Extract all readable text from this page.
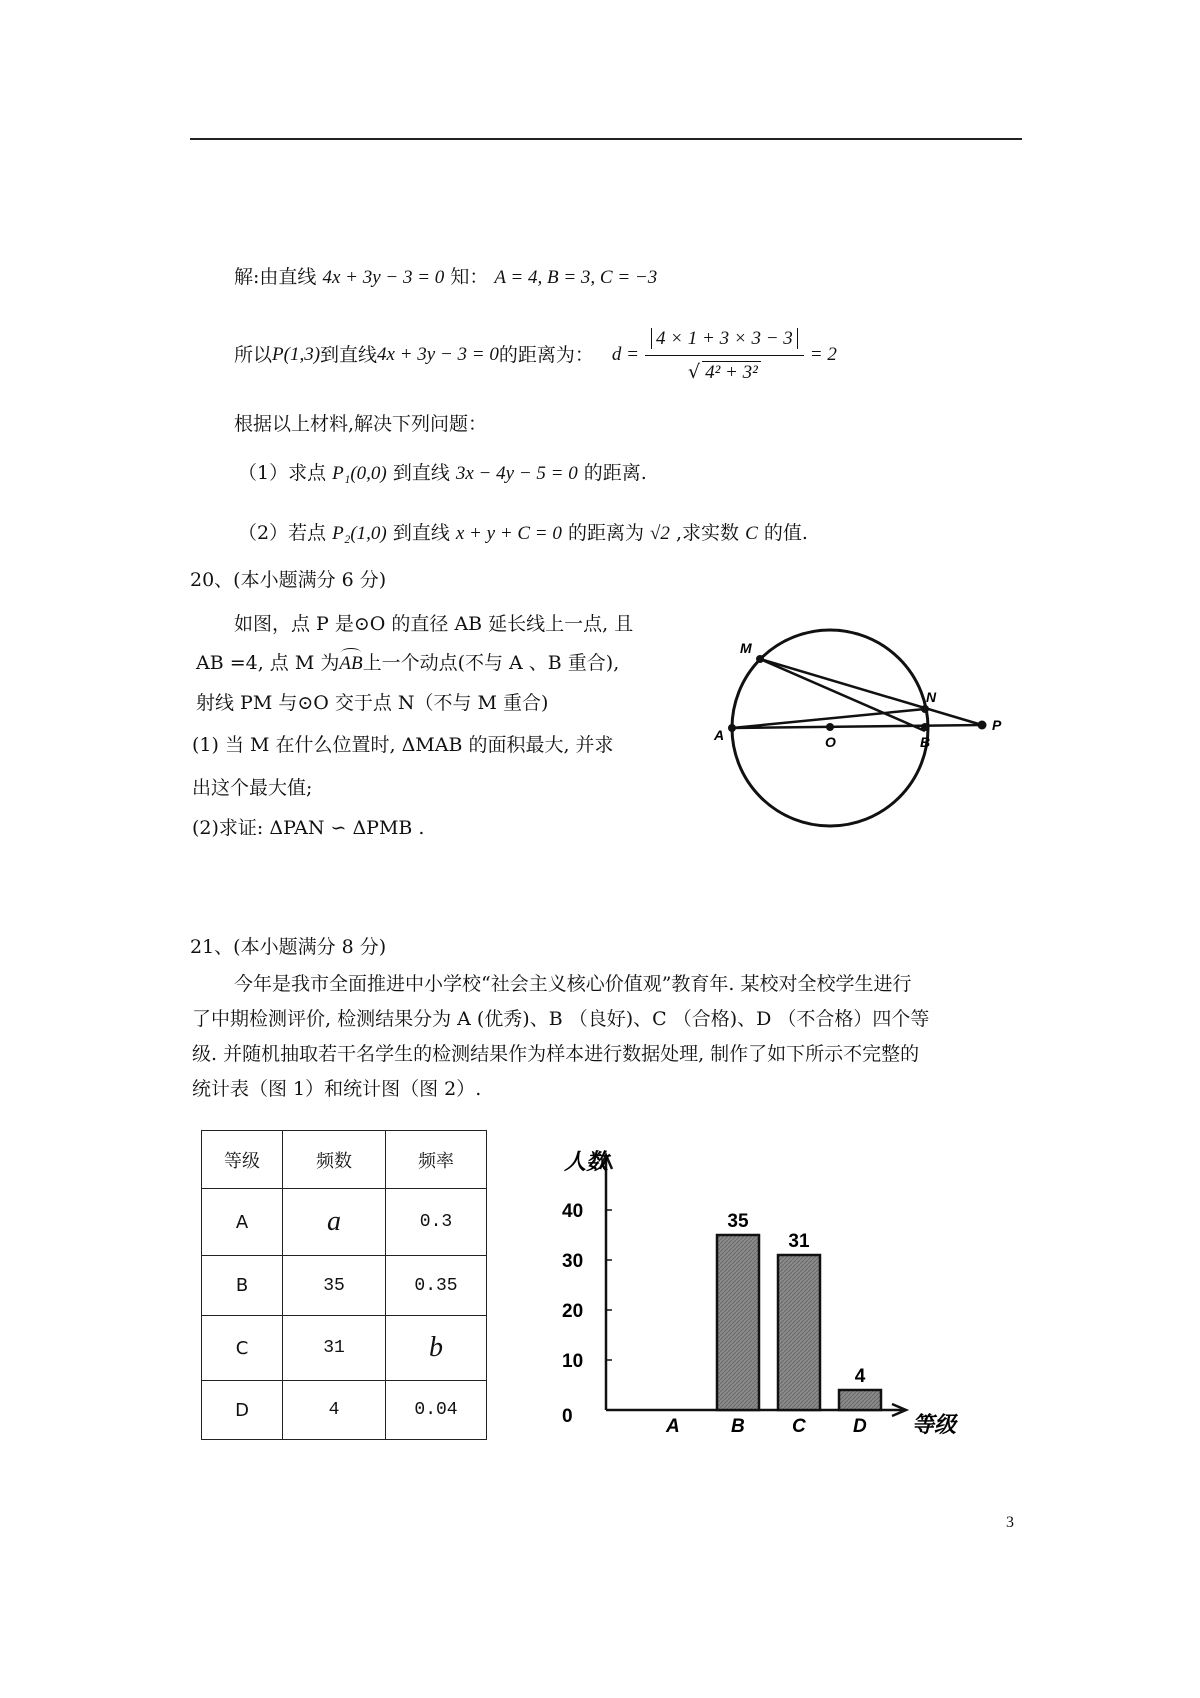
解:由直线 4x + 3y − 3 = 0 知： A = 4, B = 3, C = −3
所以 P(1,3) 到直线 4x + 3y − 3 = 0 的距离为： $d = \frac{4 \times 1 + 3 \times 3 - 3}{\text{√ 4² + 3²}} = 2$
根据以上材料,解决下列问题：
（1）求点 P₁(0,0) 到直线 3x − 4y − 5 = 0 的距离.
（2）若点 P₂(1,0) 到直线 x + y + C = 0 的距离为 √2 ,求实数 C 的值.
20、(本小题满分 6 分)
如图，点 P 是⊙O 的直径 AB 延长线上一点, 且
AB =4, 点 M 为AB上一个动点(不与 A 、B 重合),
射线 PM 与⊙O 交于点 N（不与 M 重合)
(1) 当 M 在什么位置时, ΔMAB 的面积最大, 并求
出这个最大值;
(2)求证: ΔPAN ∽ ΔPMB .
M
N
A	O	B
P
21、(本小题满分 8 分)
今年是我市全面推进中小学校“社会主义核心价值观”教育年. 某校对全校学生进行
了中期检测评价, 检测结果分为 A (优秀)、B （良好)、C （合格)、D （不合格）四个等
级. 并随机抽取若干名学生的检测结果作为样本进行数据处理, 制作了如下所示不完整的
统计表（图 1）和统计图（图 2）.
等级	频数	频率
A	a	0.3
B	35	0.35
C	31	b
D	4	0.04
10
20
30
40
0
人数
等级
A	B
35
C
31
D
4
3
